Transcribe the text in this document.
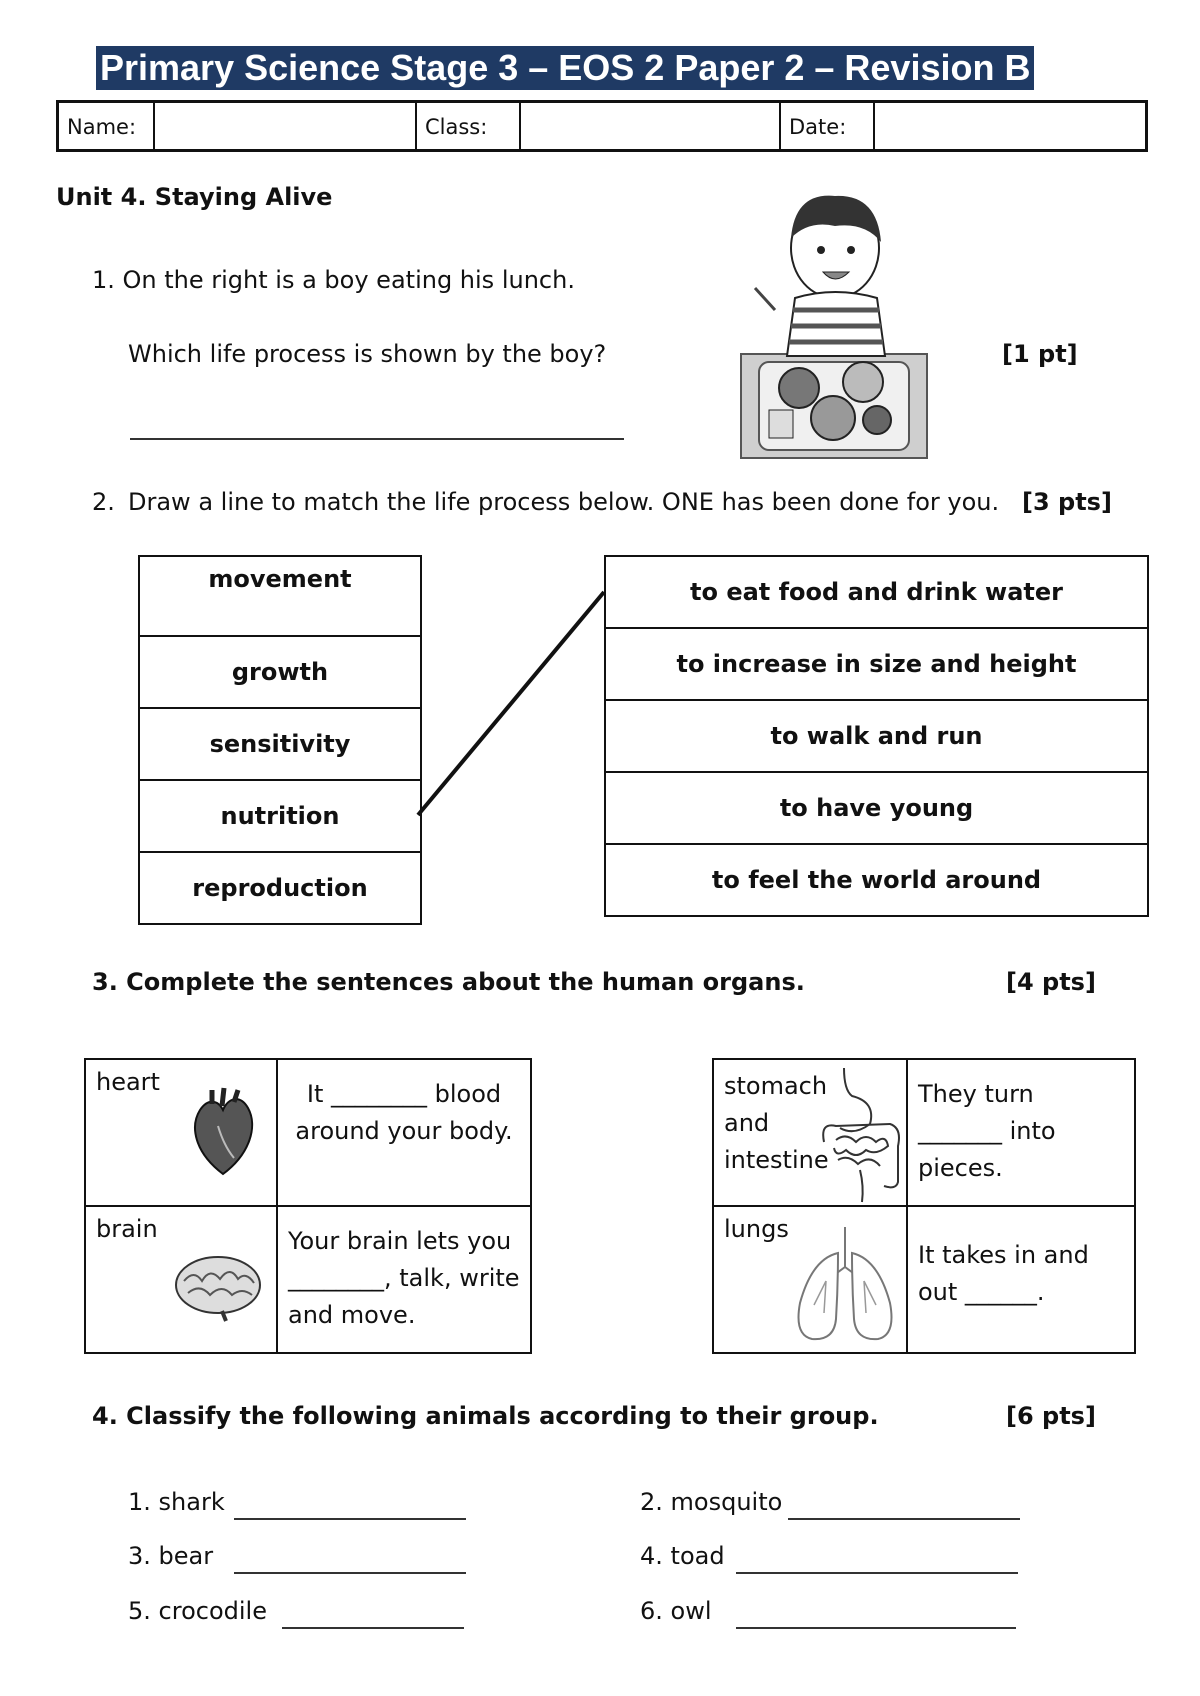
Primary Science Stage 3 – EOS 2 Paper 2 – Revision B
Name:	Class:	Date:
Unit 4. Staying Alive
1. On the right is a boy eating his lunch.
Which life process is shown by the boy?	[1 pt]
2. Draw a line to match the life process below. ONE has been done for you. [3 pts]
movement
growth
sensitivity
nutrition
reproduction
to eat food and drink water
to increase in size and height
to walk and run
to have young
to feel the world around
3. Complete the sentences about the human organs.	[4 pts]
heart	It ________ blood around your body.

brain	Your brain lets you ________, talk, write and move.
stomach and intestine	They turn _______ into pieces.

lungs	It takes in and out ______.
4. Classify the following animals according to their group.	[6 pts]
1. shark	2. mosquito
3. bear	4. toad
5. crocodile	6. owl
